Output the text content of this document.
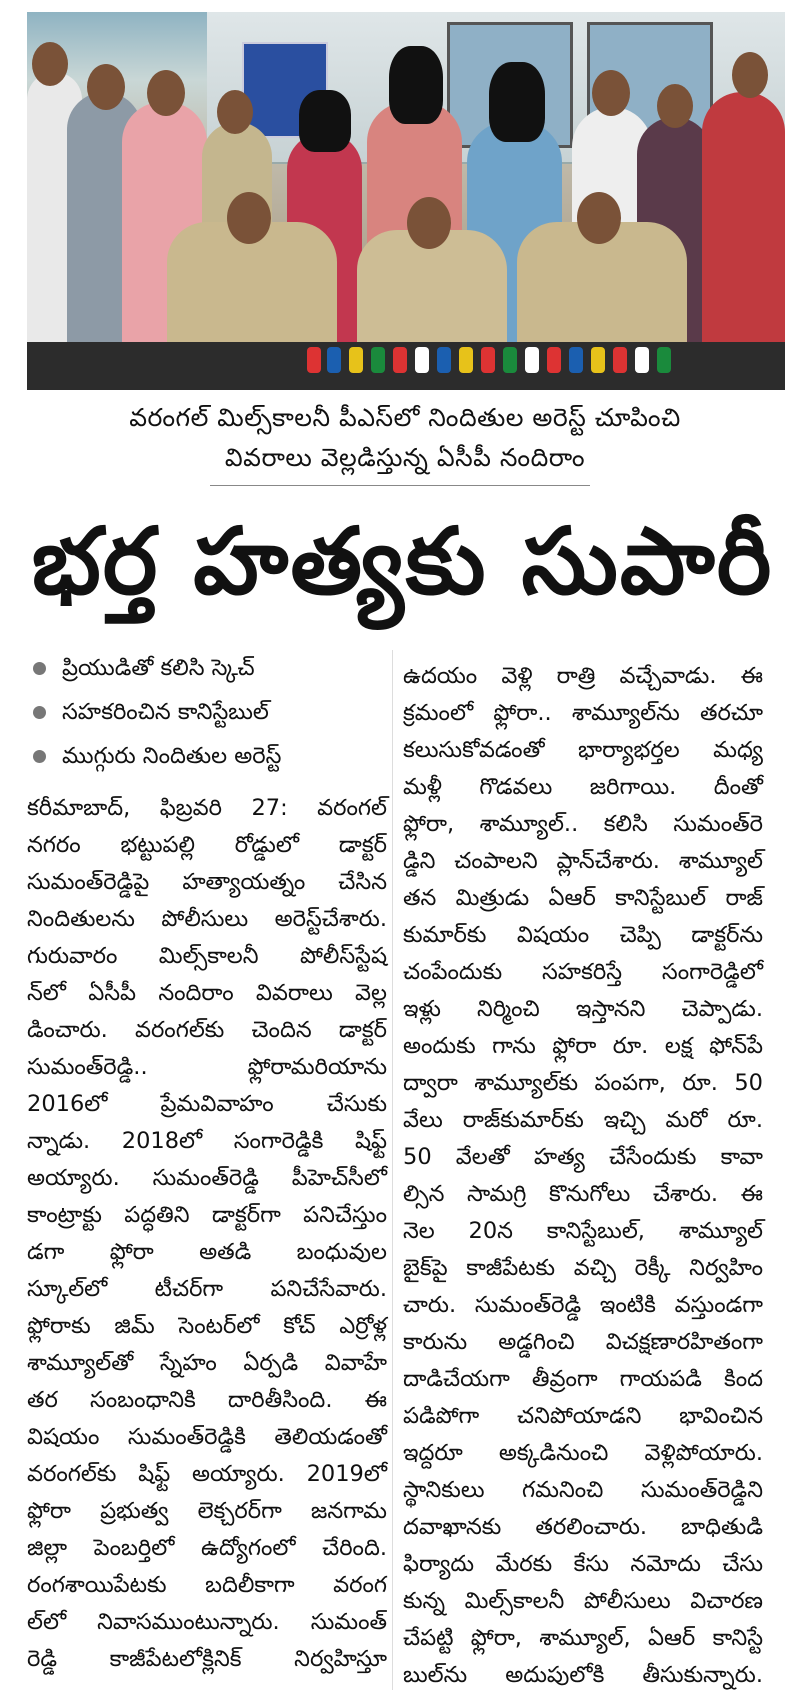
వరంగల్‌ మిల్స్‌కాలనీ పీఎస్‌లో నిందితుల అరెస్ట్‌ చూపించి
వివరాలు వెల్లడిస్తున్న ఏసీపీ నందిరాం
భర్త హత్యకు సుపారీ
ప్రియుడితో కలిసి స్కెచ్‌
సహకరించిన కానిస్టేబుల్‌
ముగ్గురు నిందితుల అరెస్ట్‌
కరీమాబాద్‌, ఫిబ్రవరి 27: వరంగల్‌
నగరం భట్టుపల్లి రోడ్డులో డాక్టర్‌
సుమంత్‌రెడ్డిపై హత్యాయత్నం చేసిన
నిందితులను పోలీసులు అరెస్ట్‌చేశారు.
గురువారం మిల్స్‌కాలనీ పోలీస్‌స్టేష
న్‌లో ఏసీపీ నందిరాం వివరాలు వెల్ల
డించారు. వరంగల్‌కు చెందిన డాక్టర్‌
సుమంత్‌రెడ్డి.. ఫ్లోరామరియాను
2016లో ప్రేమవివాహం చేసుకు
న్నాడు. 2018లో సంగారెడ్డికి షిఫ్ట్‌
అయ్యారు. సుమంత్‌రెడ్డి పీహెచ్‌సీలో
కాంట్రాక్టు పద్ధతిని డాక్టర్‌గా పనిచేస్తుం
డగా ఫ్లోరా అతడి బంధువుల
స్కూల్‌లో టీచర్‌గా పనిచేసేవారు.
ఫ్లోరాకు జిమ్‌ సెంటర్‌లో కోచ్‌ ఎర్రోళ్ల
శామ్యూల్‌తో స్నేహం ఏర్పడి వివాహే
తర సంబంధానికి దారితీసింది. ఈ
విషయం సుమంత్‌రెడ్డికి తెలియడంతో
వరంగల్‌కు షిఫ్ట్‌ అయ్యారు. 2019లో
ఫ్లోరా ప్రభుత్వ లెక్చరర్‌గా జనగామ
జిల్లా పెంబర్తిలో ఉద్యోగంలో చేరింది.
రంగశాయిపేటకు బదిలీకాగా వరంగ
ల్‌లో నివాసముంటున్నారు. సుమంత్‌
రెడ్డి కాజీపేటలోక్లినిక్‌ నిర్వహిస్తూ
ఉదయం వెళ్లి రాత్రి వచ్చేవాడు. ఈ
క్రమంలో ఫ్లోరా.. శామ్యూల్‌ను తరచూ
కలుసుకోవడంతో భార్యాభర్తల మధ్య
మళ్లీ గొడవలు జరిగాయి. దీంతో
ఫ్లోరా, శామ్యూల్‌.. కలిసి సుమంత్‌రె
డ్డిని చంపాలని ప్లాన్‌చేశారు. శామ్యూల్‌
తన మిత్రుడు ఏఆర్‌ కానిస్టేబుల్‌ రాజ్‌
కుమార్‌కు విషయం చెప్పి డాక్టర్‌ను
చంపేందుకు సహకరిస్తే సంగారెడ్డిలో
ఇళ్లు నిర్మించి ఇస్తానని చెప్పాడు.
అందుకు గాను ఫ్లోరా రూ. లక్ష ఫోన్‌పే
ద్వారా శామ్యూల్‌కు పంపగా, రూ. 50
వేలు రాజ్‌కుమార్‌కు ఇచ్చి మరో రూ.
50 వేలతో హత్య చేసేందుకు కావా
ల్సిన సామగ్రి కొనుగోలు చేశారు. ఈ
నెల 20న కానిస్టేబుల్‌, శామ్యూల్‌
బైక్‌పై కాజీపేటకు వచ్చి రెక్కీ నిర్వహిం
చారు. సుమంత్‌రెడ్డి ఇంటికి వస్తుండగా
కారును అడ్డగించి విచక్షణారహితంగా
దాడిచేయగా తీవ్రంగా గాయపడి కింద
పడిపోగా చనిపోయాడని భావించిన
ఇద్దరూ అక్కడినుంచి వెళ్లిపోయారు.
స్థానికులు గమనించి సుమంత్‌రెడ్డిని
దవాఖానకు తరలించారు. బాధితుడి
ఫిర్యాదు మేరకు కేసు నమోదు చేసు
కున్న మిల్స్‌కాలనీ పోలీసులు విచారణ
చేపట్టి ఫ్లోరా, శామ్యూల్‌, ఏఆర్‌ కానిస్టే
బుల్‌ను అదుపులోకి తీసుకున్నారు.
